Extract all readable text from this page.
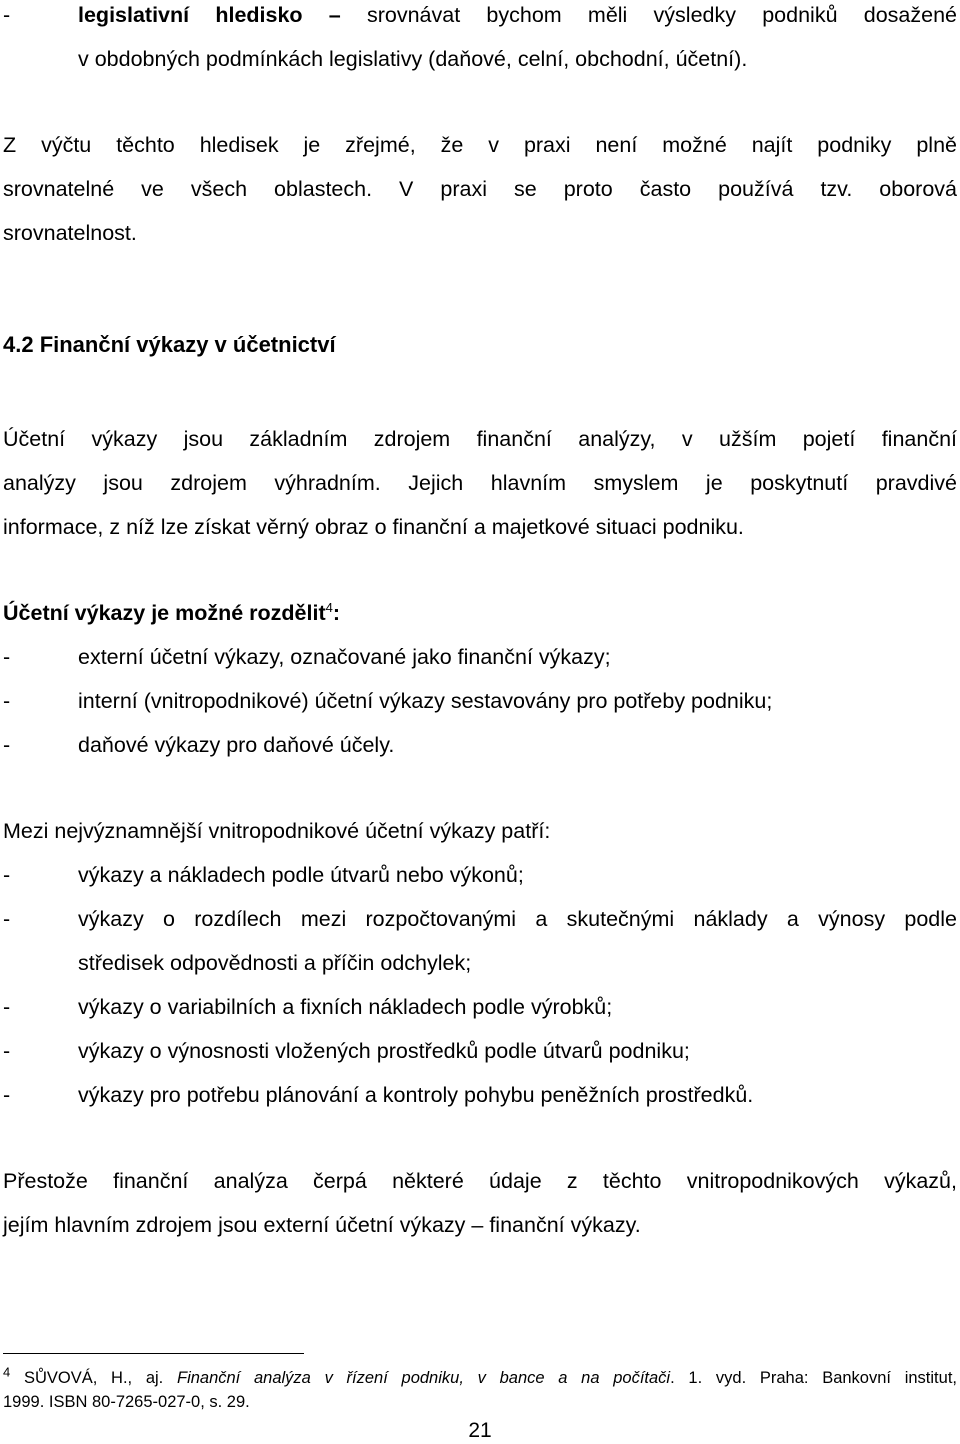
-	legislativní hledisko – srovnávat bychom měli výsledky podniků dosažené
v obdobných podmínkách legislativy (daňové, celní, obchodní, účetní).
Z výčtu těchto hledisek je zřejmé, že v praxi není možné najít podniky plně
srovnatelné ve všech oblastech. V praxi se proto často používá tzv. oborová
srovnatelnost.
4.2 Finanční výkazy v účetnictví
Účetní výkazy jsou základním zdrojem finanční analýzy, v užším pojetí finanční
analýzy jsou zdrojem výhradním. Jejich hlavním smyslem je poskytnutí pravdivé
informace, z níž lze získat věrný obraz o finanční a majetkové situaci podniku.
Účetní výkazy je možné rozdělit$^4$:
-	externí účetní výkazy, označované jako finanční výkazy;
-	interní (vnitropodnikové) účetní výkazy sestavovány pro potřeby podniku;
-	daňové výkazy pro daňové účely.
Mezi nejvýznamnější vnitropodnikové účetní výkazy patří:
-	výkazy a nákladech podle útvarů nebo výkonů;
-	výkazy o rozdílech mezi rozpočtovanými a skutečnými náklady a výnosy podle
středisek odpovědnosti a příčin odchylek;
-	výkazy o variabilních a fixních nákladech podle výrobků;
-	výkazy o výnosnosti vložených prostředků podle útvarů podniku;
-	výkazy pro potřebu plánování a kontroly pohybu peněžních prostředků.
Přestože finanční analýza čerpá některé údaje z těchto vnitropodnikových výkazů,
jejím hlavním zdrojem jsou externí účetní výkazy – finanční výkazy.
$^4$ SŮVOVÁ, H., aj. Finanční analýza v řízení podniku, v bance a na počítači. 1. vyd. Praha: Bankovní institut,
1999. ISBN 80-7265-027-0, s. 29.
21
